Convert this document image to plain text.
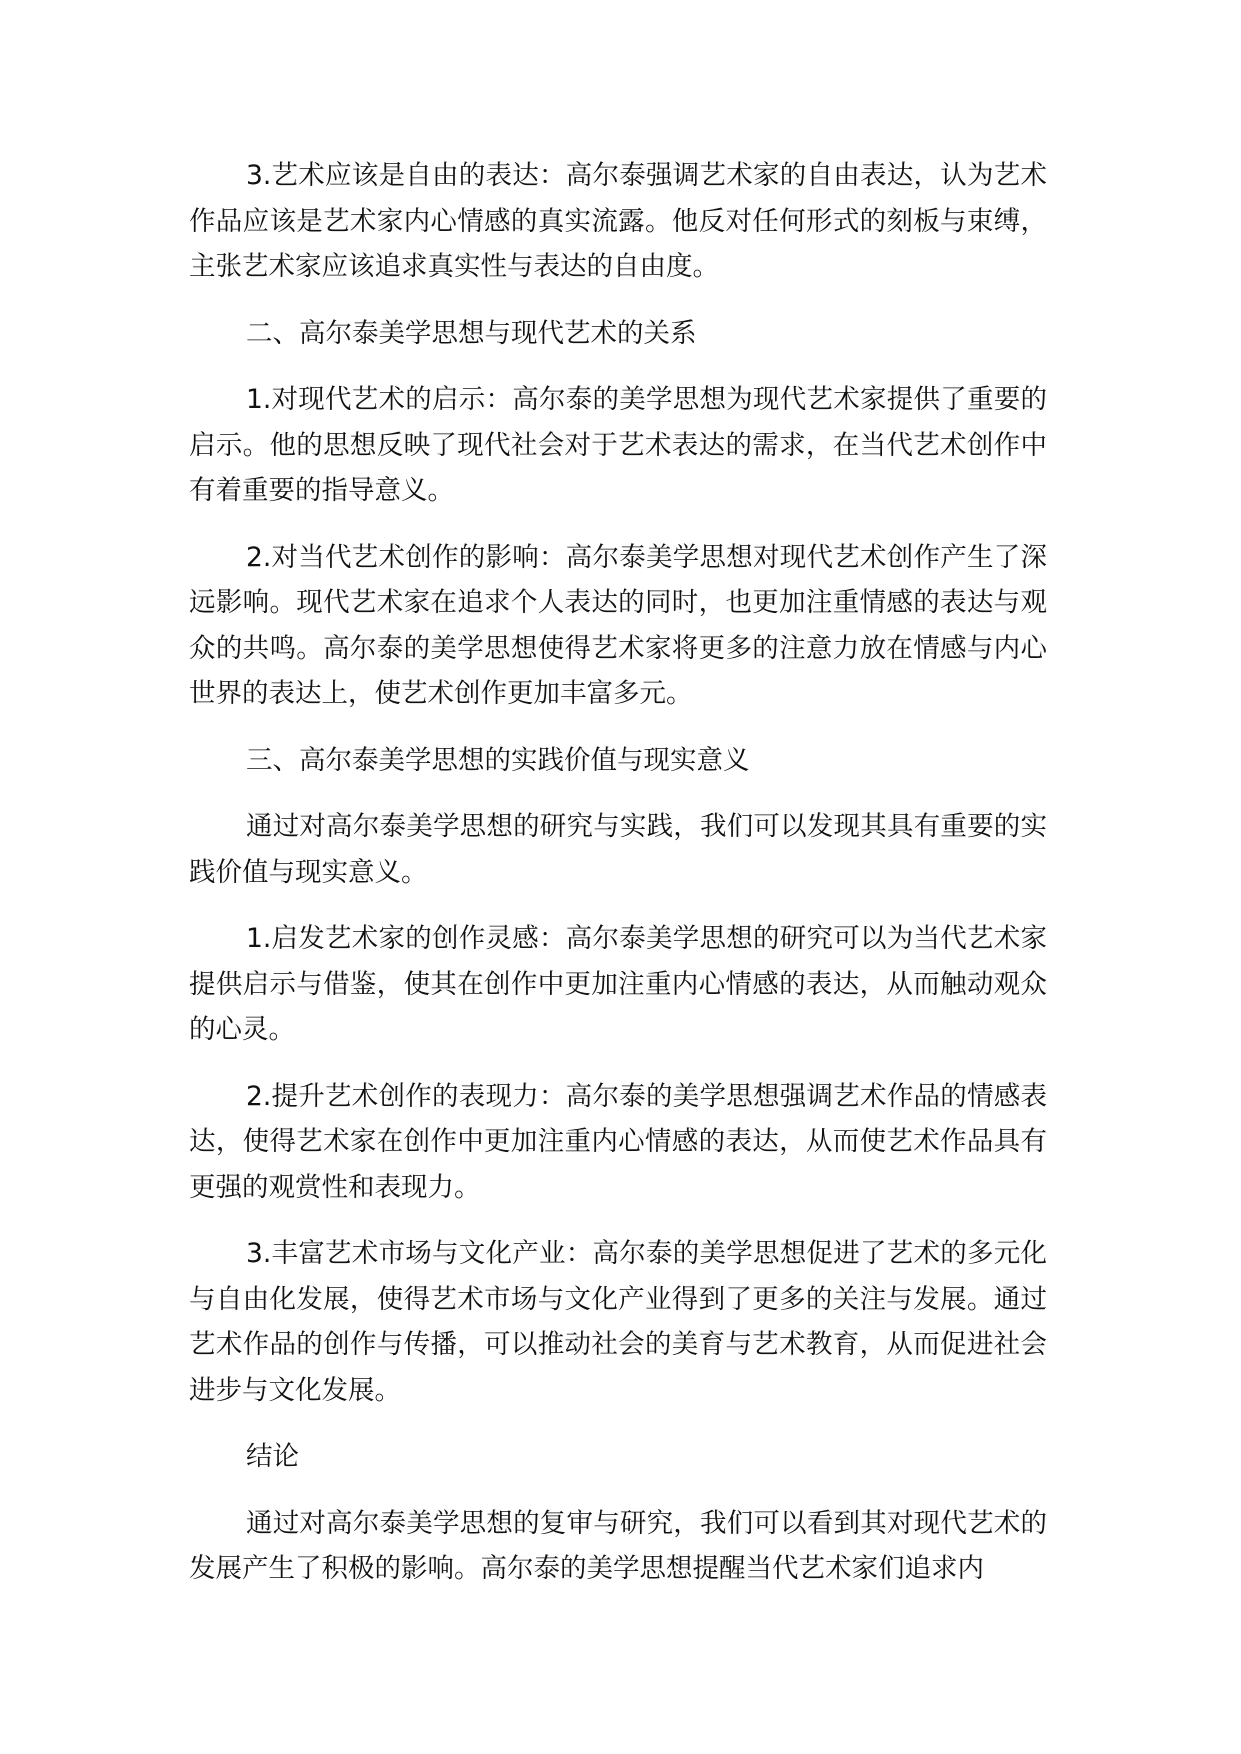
3.艺术应该是自由的表达：高尔泰强调艺术家的自由表达，认为艺术作品应该是艺术家内心情感的真实流露。他反对任何形式的刻板与束缚，主张艺术家应该追求真实性与表达的自由度。

二、高尔泰美学思想与现代艺术的关系

1.对现代艺术的启示：高尔泰的美学思想为现代艺术家提供了重要的启示。他的思想反映了现代社会对于艺术表达的需求，在当代艺术创作中有着重要的指导意义。

2.对当代艺术创作的影响：高尔泰美学思想对现代艺术创作产生了深远影响。现代艺术家在追求个人表达的同时，也更加注重情感的表达与观众的共鸣。高尔泰的美学思想使得艺术家将更多的注意力放在情感与内心世界的表达上，使艺术创作更加丰富多元。

三、高尔泰美学思想的实践价值与现实意义

通过对高尔泰美学思想的研究与实践，我们可以发现其具有重要的实践价值与现实意义。

1.启发艺术家的创作灵感：高尔泰美学思想的研究可以为当代艺术家提供启示与借鉴，使其在创作中更加注重内心情感的表达，从而触动观众的心灵。

2.提升艺术创作的表现力：高尔泰的美学思想强调艺术作品的情感表达，使得艺术家在创作中更加注重内心情感的表达，从而使艺术作品具有更强的观赏性和表现力。

3.丰富艺术市场与文化产业：高尔泰的美学思想促进了艺术的多元化与自由化发展，使得艺术市场与文化产业得到了更多的关注与发展。通过艺术作品的创作与传播，可以推动社会的美育与艺术教育，从而促进社会进步与文化发展。

结论

通过对高尔泰美学思想的复审与研究，我们可以看到其对现代艺术的发展产生了积极的影响。高尔泰的美学思想提醒当代艺术家们追求内
